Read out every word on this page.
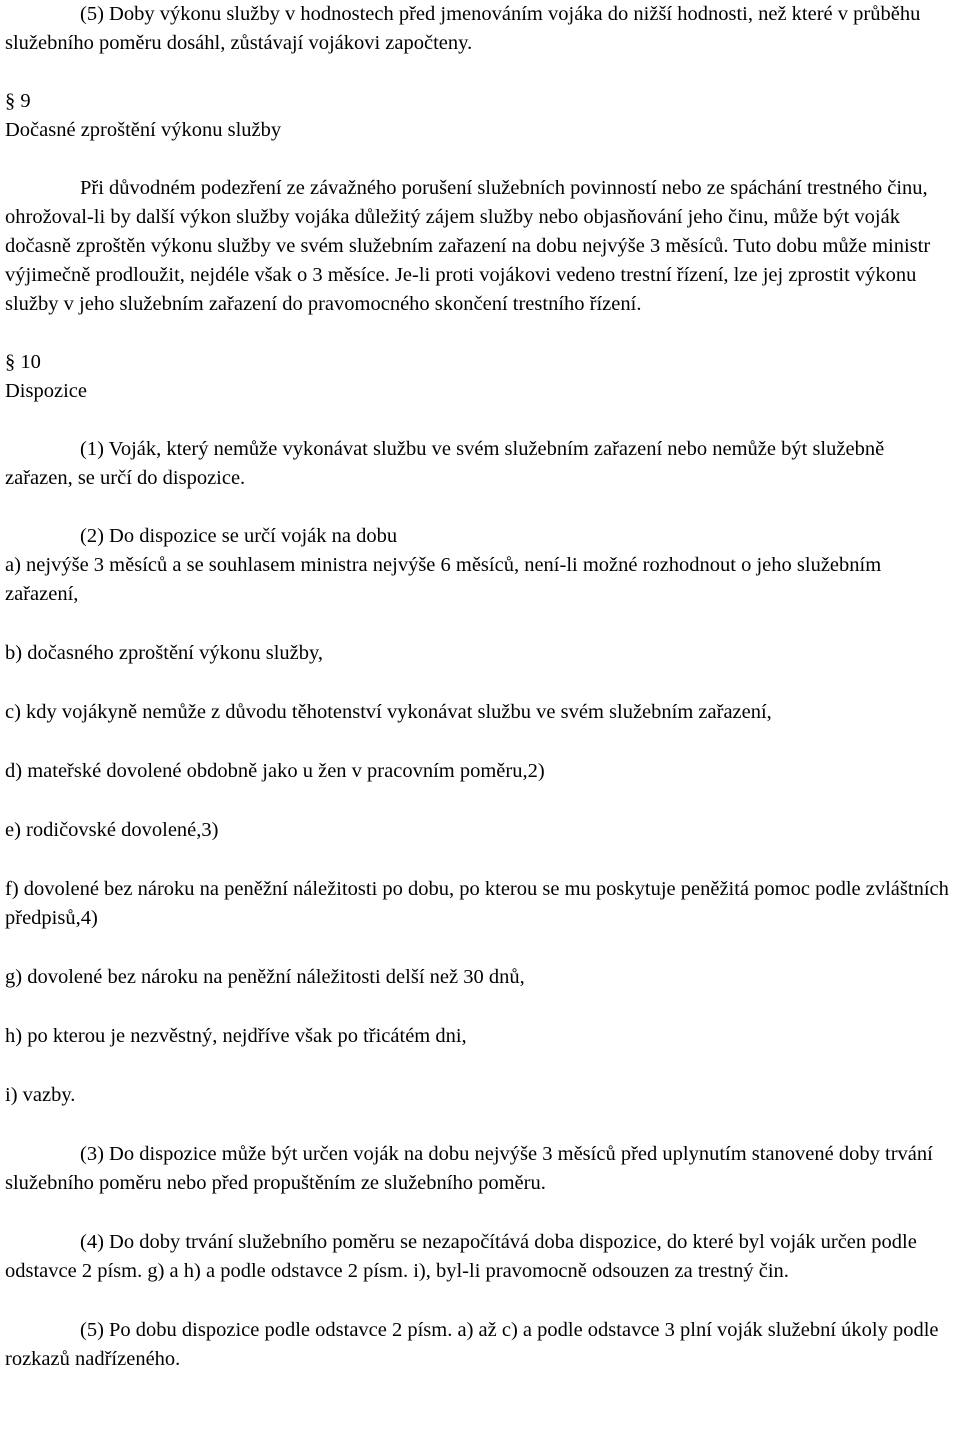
(5) Doby výkonu služby v hodnostech před jmenováním vojáka do nižší hodnosti, než které v průběhu služebního poměru dosáhl, zůstávají vojákovi započteny.

§ 9

Dočasné zproštění výkonu služby

Při důvodném podezření ze závažného porušení služebních povinností nebo ze spáchání trestného činu, ohrožoval-li by další výkon služby vojáka důležitý zájem služby nebo objasňování jeho činu, může být voják dočasně zproštěn výkonu služby ve svém služebním zařazení na dobu nejvýše 3 měsíců. Tuto dobu může ministr výjimečně prodloužit, nejdéle však o 3 měsíce. Je-li proti vojákovi vedeno trestní řízení, lze jej zprostit výkonu služby v jeho služebním zařazení do pravomocného skončení trestního řízení.

§ 10

Dispozice

(1) Voják, který nemůže vykonávat službu ve svém služebním zařazení nebo nemůže být služebně zařazen, se určí do dispozice.

(2) Do dispozice se určí voják na dobu

a) nejvýše 3 měsíců a se souhlasem ministra nejvýše 6 měsíců, není-li možné rozhodnout o jeho služebním zařazení,

b) dočasného zproštění výkonu služby,

c) kdy vojákyně nemůže z důvodu těhotenství vykonávat službu ve svém služebním zařazení,

d) mateřské dovolené obdobně jako u žen v pracovním poměru,2)

e) rodičovské dovolené,3)

f) dovolené bez nároku na peněžní náležitosti po dobu, po kterou se mu poskytuje peněžitá pomoc podle zvláštních předpisů,4)

g) dovolené bez nároku na peněžní náležitosti delší než 30 dnů,

h) po kterou je nezvěstný, nejdříve však po třicátém dni,

i) vazby.

(3) Do dispozice může být určen voják na dobu nejvýše 3 měsíců před uplynutím stanovené doby trvání služebního poměru nebo před propuštěním ze služebního poměru.

(4) Do doby trvání služebního poměru se nezapočítává doba dispozice, do které byl voják určen podle odstavce 2 písm. g) a h) a podle odstavce 2 písm. i), byl-li pravomocně odsouzen za trestný čin.

(5) Po dobu dispozice podle odstavce 2 písm. a) až c) a podle odstavce 3 plní voják služební úkoly podle rozkazů nadřízeného.
